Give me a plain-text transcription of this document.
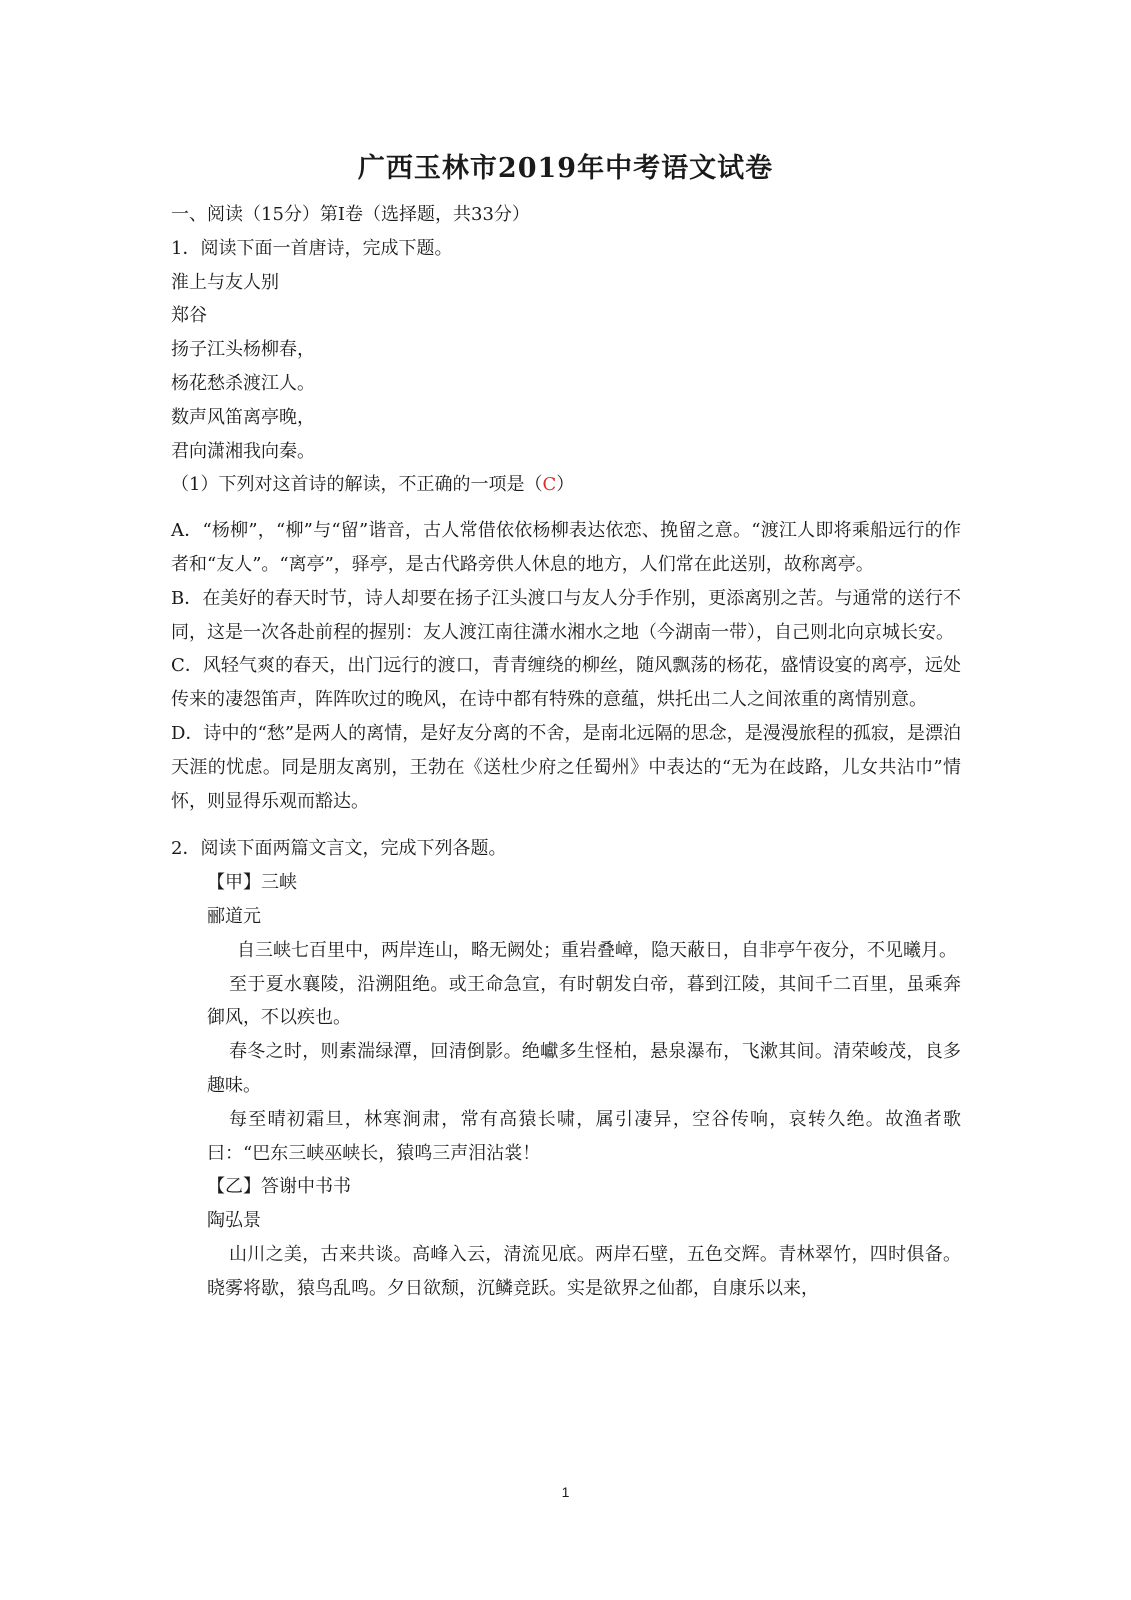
广西玉林市2019年中考语文试卷
一、阅读（15分）第Ⅰ卷（选择题，共33分）
1．阅读下面一首唐诗，完成下题。
淮上与友人别
郑谷
扬子江头杨柳春，
杨花愁杀渡江人。
数声风笛离亭晚，
君向潇湘我向秦。
（1）下列对这首诗的解读，不正确的一项是（C）
A．“杨柳”，“柳”与“留”谐音，古人常借依依杨柳表达依恋、挽留之意。“渡江人即将乘船远行的作者和“友人”。“离亭”，驿亭，是古代路旁供人休息的地方，人们常在此送别，故称离亭。
B．在美好的春天时节，诗人却要在扬子江头渡口与友人分手作别，更添离别之苦。与通常的送行不同，这是一次各赴前程的握别：友人渡江南往潇水湘水之地（今湖南一带），自己则北向京城长安。
C．风轻气爽的春天，出门远行的渡口，青青缠绕的柳丝，随风飘荡的杨花，盛情设宴的离亭，远处传来的凄怨笛声，阵阵吹过的晚风，在诗中都有特殊的意蕴，烘托出二人之间浓重的离情别意。
D．诗中的“愁”是两人的离情，是好友分离的不舍，是南北远隔的思念，是漫漫旅程的孤寂，是漂泊天涯的忧虑。同是朋友离别，王勃在《送杜少府之任蜀州》中表达的“无为在歧路，儿女共沾巾”情怀，则显得乐观而豁达。
2．阅读下面两篇文言文，完成下列各题。
【甲】三峡
郦道元
自三峡七百里中，两岸连山，略无阙处；重岩叠嶂，隐天蔽日，自非亭午夜分，不见曦月。
至于夏水襄陵，沿溯阻绝。或王命急宣，有时朝发白帝，暮到江陵，其间千二百里，虽乘奔御风，不以疾也。
春冬之时，则素湍绿潭，回清倒影。绝巘多生怪柏，悬泉瀑布，飞漱其间。清荣峻茂，良多趣味。
每至晴初霜旦，林寒涧肃，常有高猿长啸，属引凄异，空谷传响，哀转久绝。故渔者歌曰：“巴东三峡巫峡长，猿鸣三声泪沾裳！
【乙】答谢中书书
陶弘景
山川之美，古来共谈。高峰入云，清流见底。两岸石壁，五色交辉。青林翠竹，四时俱备。晓雾将歇，猿鸟乱鸣。夕日欲颓，沉鳞竞跃。实是欲界之仙都，自康乐以来，
1
